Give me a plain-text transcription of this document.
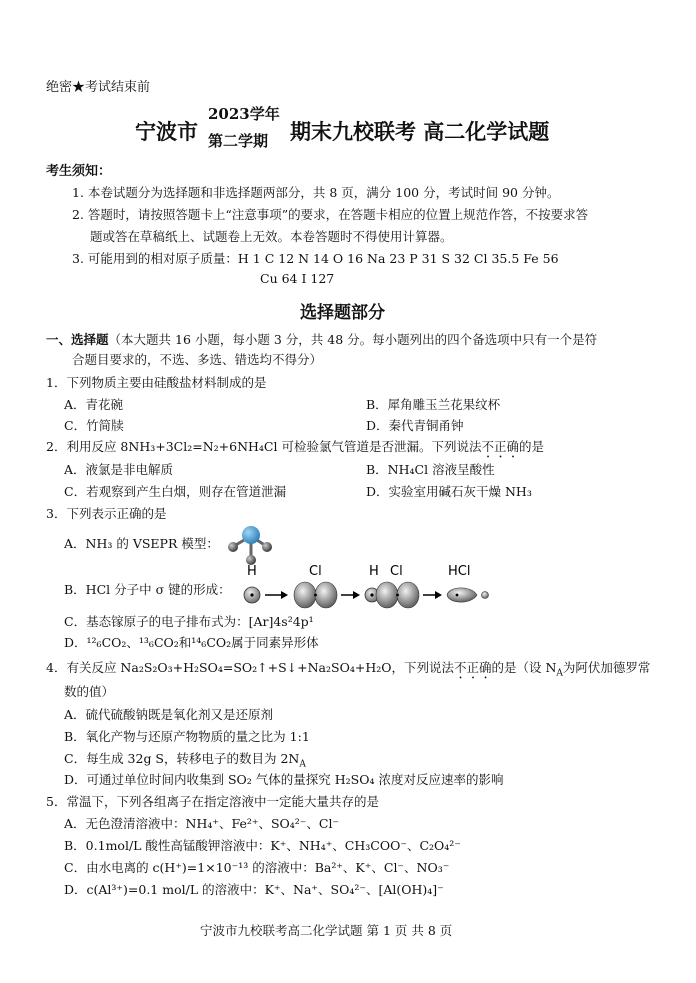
绝密★考试结束前
宁波市
2023学年
第二学期 期末九校联考 高二化学试题
考生须知：
1. 本卷试题分为选择题和非选择题两部分，共 8 页，满分 100 分，考试时间 90 分钟。
2. 答题时，请按照答题卡上“注意事项”的要求，在答题卡相应的位置上规范作答，不按要求答
题或答在草稿纸上、试题卷上无效。本卷答题时不得使用计算器。
3. 可能用到的相对原子质量：H 1 C 12 N 14 O 16 Na 23 P 31 S 32 Cl 35.5 Fe 56
Cu 64 I 127
选择题部分
一、选择题（本大题共 16 小题，每小题 3 分，共 48 分。每小题列出的四个备选项中只有一个是符
合题目要求的，不选、多选、错选均不得分）
1．下列物质主要由硅酸盐材料制成的是
A．青花碗	B．犀角雕玉兰花果纹杯
C．竹简牍	D．秦代青铜甬钟
2．利用反应 8NH₃+3Cl₂=N₂+6NH₄Cl 可检验氯气管道是否泄漏。下列说法不正确的是
A．液氯是非电解质	B．NH₄Cl 溶液呈酸性
C．若观察到产生白烟，则存在管道泄漏	D．实验室用碱石灰干燥 NH₃
3．下列表示正确的是
A．NH₃ 的 VSEPR 模型：
B．HCl 分子中 σ 键的形成：
H	Cl	H Cl	HCl
C．基态镓原子的电子排布式为：[Ar]4s²4p¹
D．¹²₆CO₂、¹³₆CO₂和¹⁴₆CO₂属于同素异形体
4．有关反应 Na₂S₂O₃+H₂SO₄=SO₂↑+S↓+Na₂SO₄+H₂O，下列说法不正确的是（设 $N_A$为阿伏加德罗常
数的值）
A．硫代硫酸钠既是氧化剂又是还原剂
B．氧化产物与还原产物物质的量之比为 1:1
C．每生成 32g S，转移电子的数目为 $2N_A$
D．可通过单位时间内收集到 SO₂ 气体的量探究 H₂SO₄ 浓度对反应速率的影响
5．常温下，下列各组离子在指定溶液中一定能大量共存的是
A．无色澄清溶液中：NH₄⁺、Fe²⁺、SO₄²⁻、Cl⁻
B．0.1mol/L 酸性高锰酸钾溶液中：K⁺、NH₄⁺、CH₃COO⁻、C₂O₄²⁻
C．由水电离的 c(H⁺)=1×10⁻¹³ 的溶液中：Ba²⁺、K⁺、Cl⁻、NO₃⁻
D．c(Al³⁺)=0.1 mol/L 的溶液中：K⁺、Na⁺、SO₄²⁻、[Al(OH)₄]⁻
宁波市九校联考高二化学试题 第 1 页 共 8 页
